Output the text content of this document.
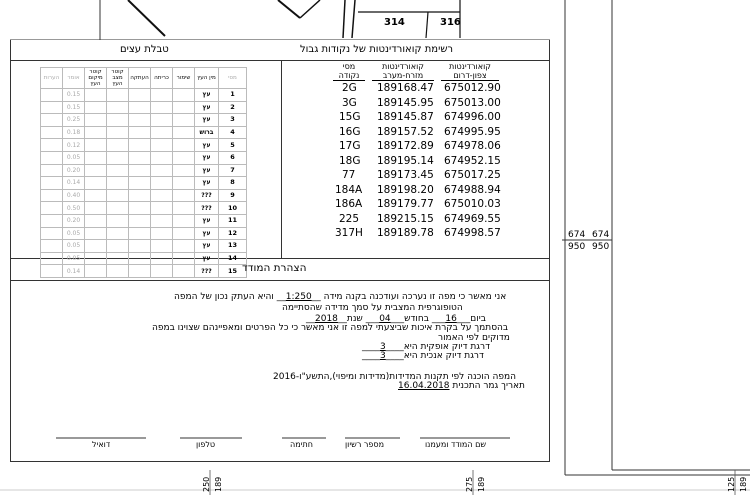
314	316
רשימת קואורדינטות של נקודות גבול
טבלת עצים
קואורדינטות צפון-דרום
קואורדינטות מזרח-מערב
מסי נקודה
2G 189168.47 675012.90
3G 189145.95 675013.00
15G 189145.87 674996.00
16G 189157.52 674995.95
17G 189172.89 674978.06
18G 189195.14 674952.15
77 189173.45 675017.25
184A 189198.20 674988.94
186A 189179.77 675010.03
225 189215.15 674969.55
317H 189189.78 674998.57
הערות	אומר	קוטר מיקום העץ	קוטר מצב העץ	העתקה	כריתה	שימור	מין העץ	מסי
	0.15						עץ	1
	0.15						עץ	2
	0.25						עץ	3
	0.18						ברוש	4
	0.12						עץ	5
	0.05						עץ	6
	0.20						עץ	7
	0.14						עץ	8
	0.40						???	9
	0.50						???	10
	0.20						עץ	11
	0.05						עץ	12
	0.05						עץ	13
	0.05						עץ	14
	0.14						???	15 הצהרת המודד
אני מאשר כי מפה זו נערכה ועודכנה בקנה מידה __1:250__ והיא העתק נכון של המפה
הטופוגרפית המצבית על סמך מדידה שהסתיימה
ביום___16___ בחודש___04___ שנת__2018__
בהסתמך על בקרת איכות שביצעתי למפה זו אני מאשר כי כל הפרטים ומאפיינהם שצוינו במפה
מדוקים לפי האמור
דרגת דיוק אופקית היא____3____
דרגת דיוק אנכית היא____3____
המפה הוכנה לפי תקנות המדידות(מדידות ומיפוי),התשע"ו-2016
תאריך גמר התכנית 16.04.2018
שם המודד ומעמנו
מספר רשיון
חתימה
טלפון
דואיל
674 674
950 950
189
250	189
275	189
125
